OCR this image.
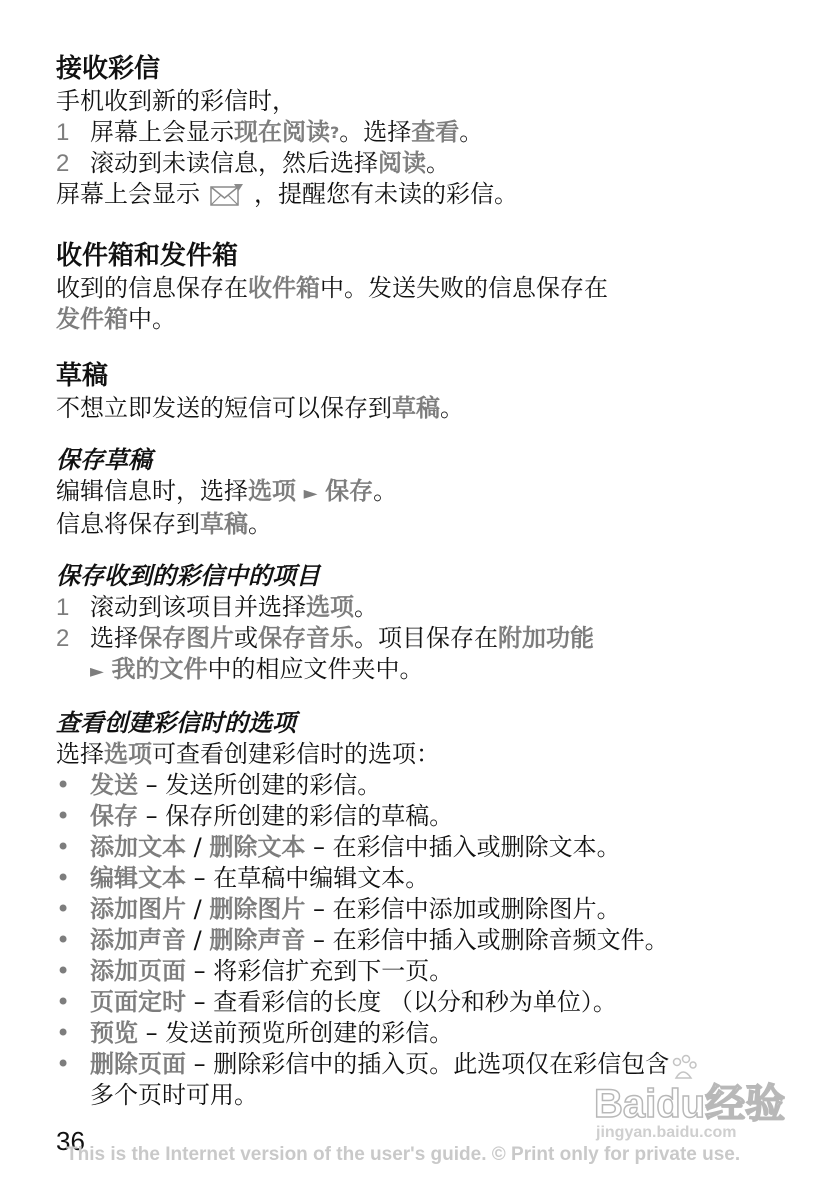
接收彩信
手机收到新的彩信时，
1 屏幕上会显示现在阅读?。选择查看。
2 滚动到未读信息，然后选择阅读。
屏幕上会显示 ，提醒您有未读的彩信。
收件箱和发件箱
收到的信息保存在收件箱中。发送失败的信息保存在
发件箱中。
草稿
不想立即发送的短信可以保存到草稿。
保存草稿
编辑信息时，选择选项 ► 保存。
信息将保存到草稿。
保存收到的彩信中的项目
1 滚动到该项目并选择选项。
2 选择保存图片或保存音乐。项目保存在附加功能
► 我的文件中的相应文件夹中。
查看创建彩信时的选项
选择选项可查看创建彩信时的选项：
• 发送 – 发送所创建的彩信。
• 保存 – 保存所创建的彩信的草稿。
• 添加文本 / 删除文本 – 在彩信中插入或删除文本。
• 编辑文本 – 在草稿中编辑文本。
• 添加图片 / 删除图片 – 在彩信中添加或删除图片。
• 添加声音 / 删除声音 – 在彩信中插入或删除音频文件。
• 添加页面 – 将彩信扩充到下一页。
• 页面定时 – 查看彩信的长度 （以分和秒为单位）。
• 预览 – 发送前预览所创建的彩信。
• 删除页面 – 删除彩信中的插入页。此选项仅在彩信包含
多个页时可用。
36
Baidu经验
jingyan.baidu.com
This is the Internet version of the user's guide. © Print only for private use.
